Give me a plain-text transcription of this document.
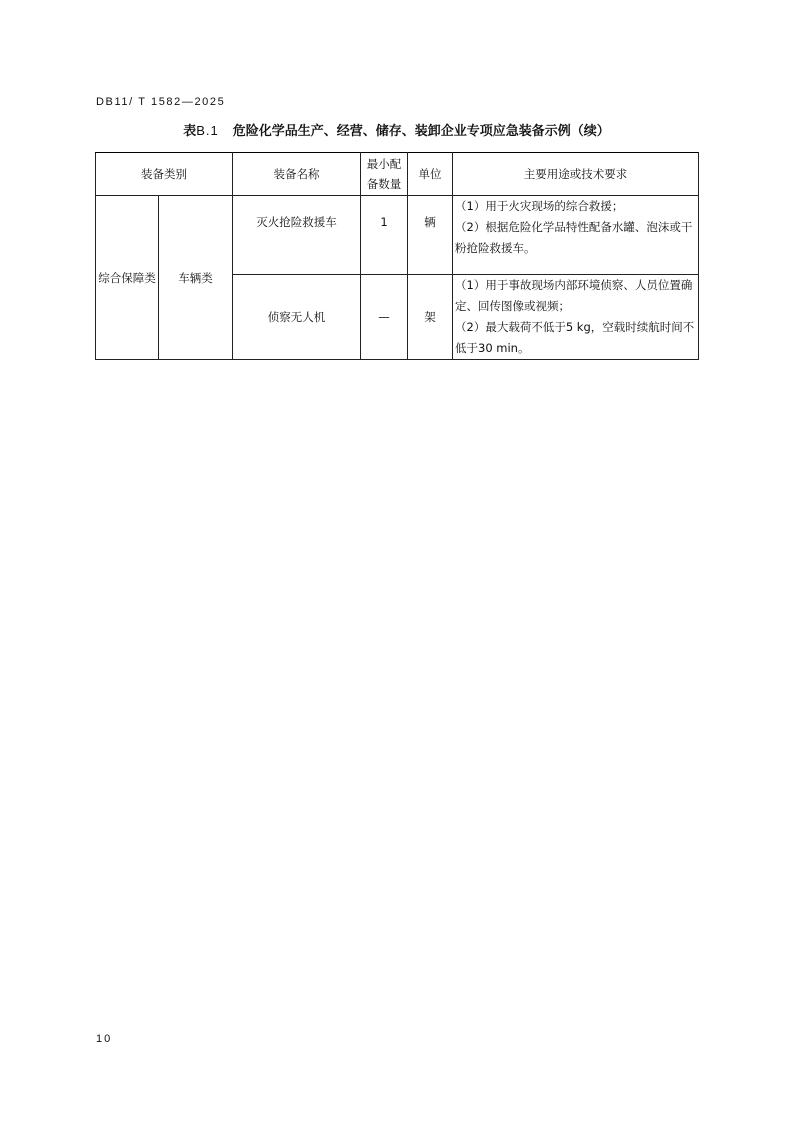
DB11/ T 1582—2025
表B.1 危险化学品生产、经营、储存、装卸企业专项应急装备示例（续）
装备类别		装备名称	最小配备数量	单位	主要用途或技术要求
综合保障类	车辆类	灭火抢险救援车	1	辆	（1）用于火灾现场的综合救援；
（2）根据危险化学品特性配备水罐、泡沫或干粉抢险救援车。

		侦察无人机	—	架	（1）用于事故现场内部环境侦察、人员位置确定、回传图像或视频；
（2）最大载荷不低于5 kg，空载时续航时间不低于30 min。
10
